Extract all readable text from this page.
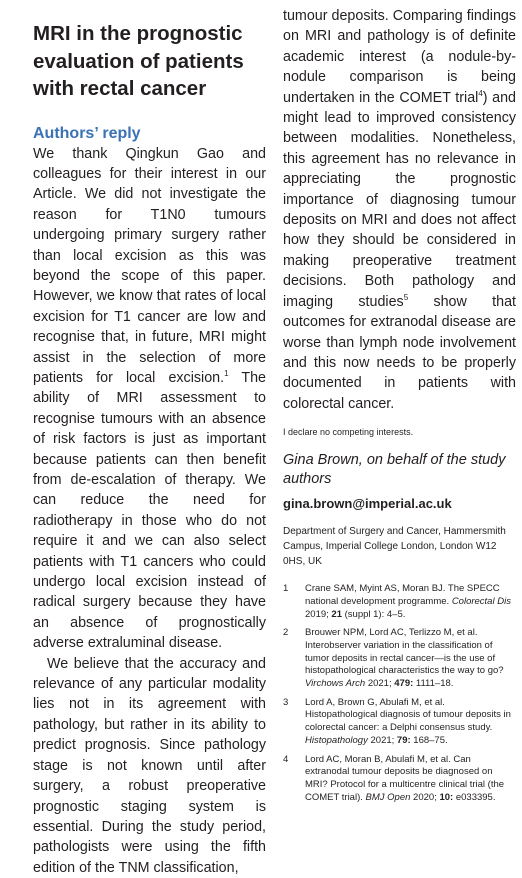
MRI in the prognostic
evaluation of patients
with rectal cancer
Authors’ reply

We thank Qingkun Gao and colleagues for their interest in our Article. We did not investigate the reason for T1N0 tumours undergoing primary surgery rather than local excision as this was beyond the scope of this paper. However, we know that rates of local excision for T1 cancer are low and recognise that, in future, MRI might assist in the selection of more patients for local excision.$^1$ The ability of MRI assessment to recognise tumours with an absence of risk factors is just as important because patients can then benefit from de-escalation of therapy. We can reduce the need for radiotherapy in those who do not require it and we can also select patients with T1 cancers who could undergo local excision instead of radical surgery because they have an absence of prognostically adverse extraluminal disease.

We believe that the accuracy and relevance of any particular modality lies not in its agreement with pathology, but rather in its ability to predict prognosis. Since pathology stage is not known until after surgery, a robust preoperative prognostic staging system is essential. During the study period, pathologists were using the fifth edition of the TNM classification,

tumour deposits. Comparing findings on MRI and pathology is of definite academic interest (a nodule-by-nodule comparison is being undertaken in the COMET trial$^4$) and might lead to improved consistency between modalities. Nonetheless, this agreement has no relevance in appreciating the prognostic importance of diagnosing tumour deposits on MRI and does not affect how they should be considered in making preoperative treatment decisions. Both pathology and imaging studies$^5$ show that outcomes for extranodal disease are worse than lymph node involvement and this now needs to be properly documented in patients with colorectal cancer.

I declare no competing interests.

Gina Brown, on behalf of the study authors

gina.brown@imperial.ac.uk

Department of Surgery and Cancer, Hammersmith Campus, Imperial College London, London W12 0HS, UK

1	Crane SAM, Myint AS, Moran BJ. The SPECC national development programme. Colorectal Dis 2019; 21 (suppl 1): 4–5.
2	Brouwer NPM, Lord AC, Terlizzo M, et al. Interobserver variation in the classification of tumor deposits in rectal cancer—is the use of histopathological characteristics the way to go? Virchows Arch 2021; 479: 1111–18.
3	Lord A, Brown G, Abulafi M, et al. Histopathological diagnosis of tumour deposits in colorectal cancer: a Delphi consensus study. Histopathology 2021; 79: 168–75.
4	Lord AC, Moran B, Abulafi M, et al. Can extranodal tumour deposits be diagnosed on MRI? Protocol for a multicentre clinical trial (the COMET trial). BMJ Open 2020; 10: e033395.
